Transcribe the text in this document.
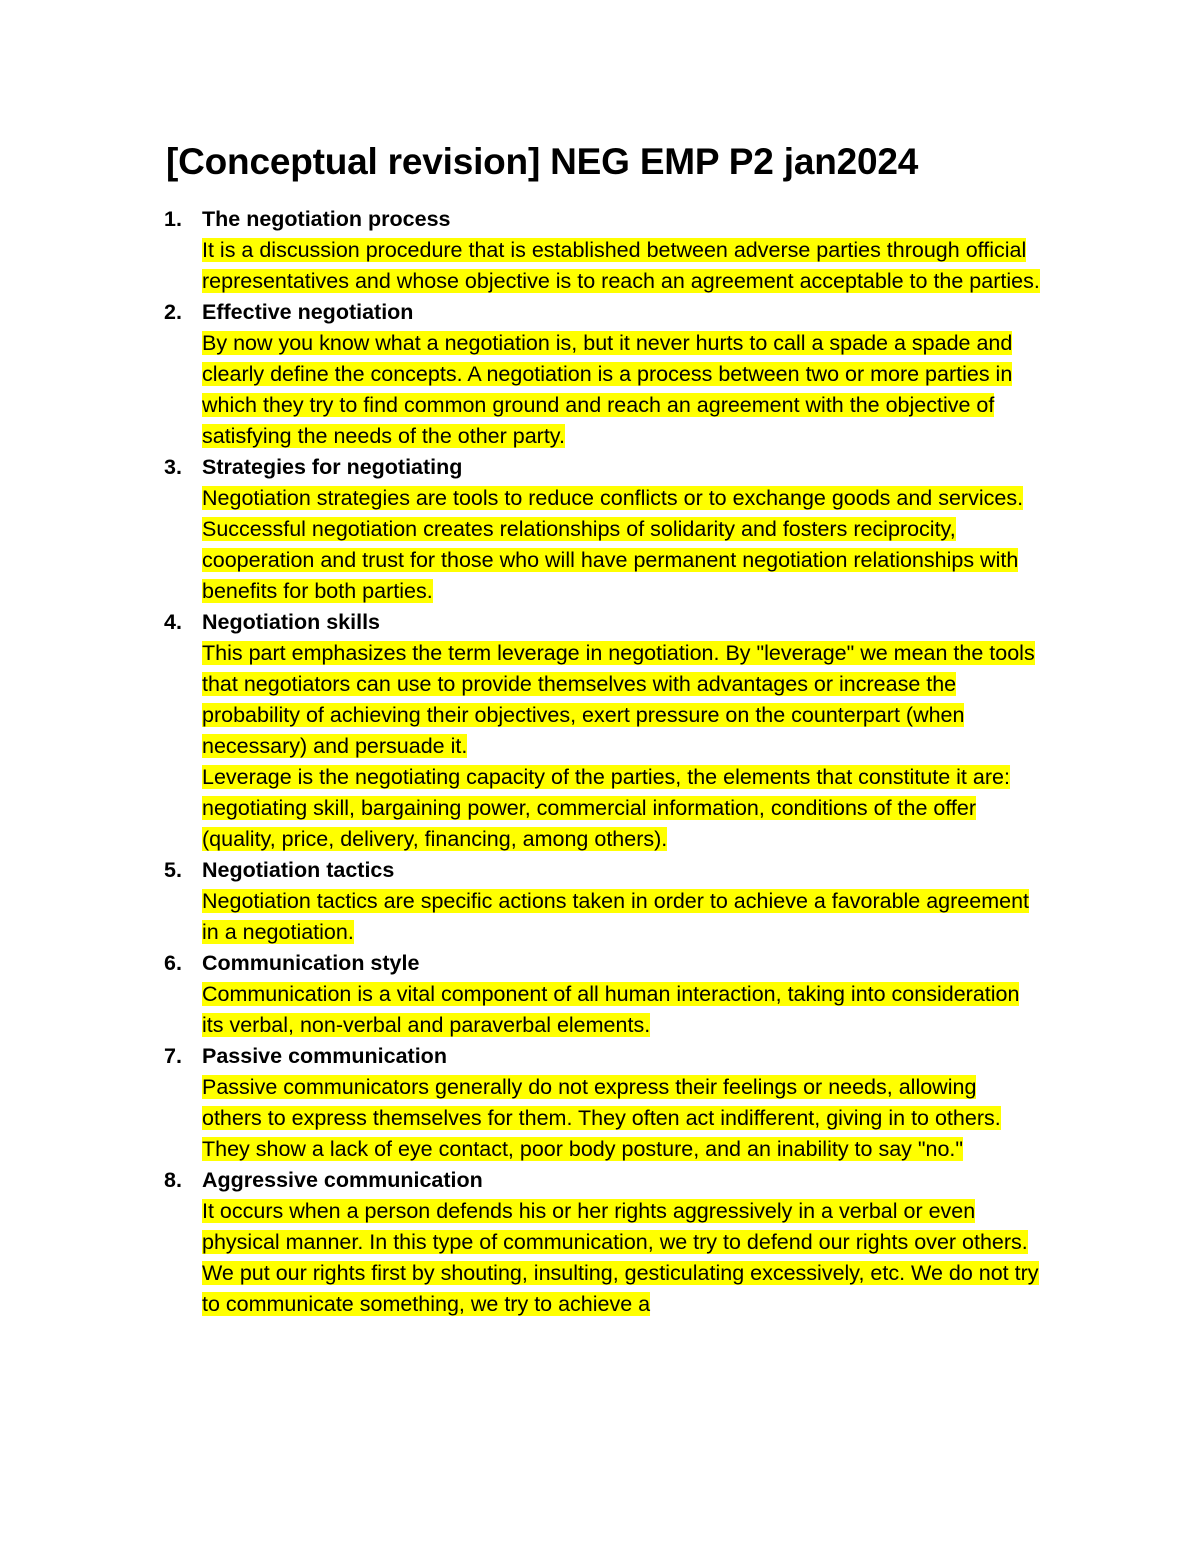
[Conceptual revision] NEG EMP P2 jan2024
1. The negotiation process

It is a discussion procedure that is established between adverse parties through official representatives and whose objective is to reach an agreement acceptable to the parties.

2. Effective negotiation

By now you know what a negotiation is, but it never hurts to call a spade a spade and clearly define the concepts. A negotiation is a process between two or more parties in which they try to find common ground and reach an agreement with the objective of satisfying the needs of the other party.

3. Strategies for negotiating

Negotiation strategies are tools to reduce conflicts or to exchange goods and services. Successful negotiation creates relationships of solidarity and fosters reciprocity, cooperation and trust for those who will have permanent negotiation relationships with benefits for both parties.

4. Negotiation skills

This part emphasizes the term leverage in negotiation. By "leverage" we mean the tools that negotiators can use to provide themselves with advantages or increase the probability of achieving their objectives, exert pressure on the counterpart (when necessary) and persuade it.

Leverage is the negotiating capacity of the parties, the elements that constitute it are: negotiating skill, bargaining power, commercial information, conditions of the offer (quality, price, delivery, financing, among others).

5. Negotiation tactics

Negotiation tactics are specific actions taken in order to achieve a favorable agreement in a negotiation.

6. Communication style

Communication is a vital component of all human interaction, taking into consideration its verbal, non-verbal and paraverbal elements.

7. Passive communication

Passive communicators generally do not express their feelings or needs, allowing others to express themselves for them. They often act indifferent, giving in to others. They show a lack of eye contact, poor body posture, and an inability to say "no."

8. Aggressive communication

It occurs when a person defends his or her rights aggressively in a verbal or even physical manner. In this type of communication, we try to defend our rights over others. We put our rights first by shouting, insulting, gesticulating excessively, etc. We do not try to communicate something, we try to achieve a
